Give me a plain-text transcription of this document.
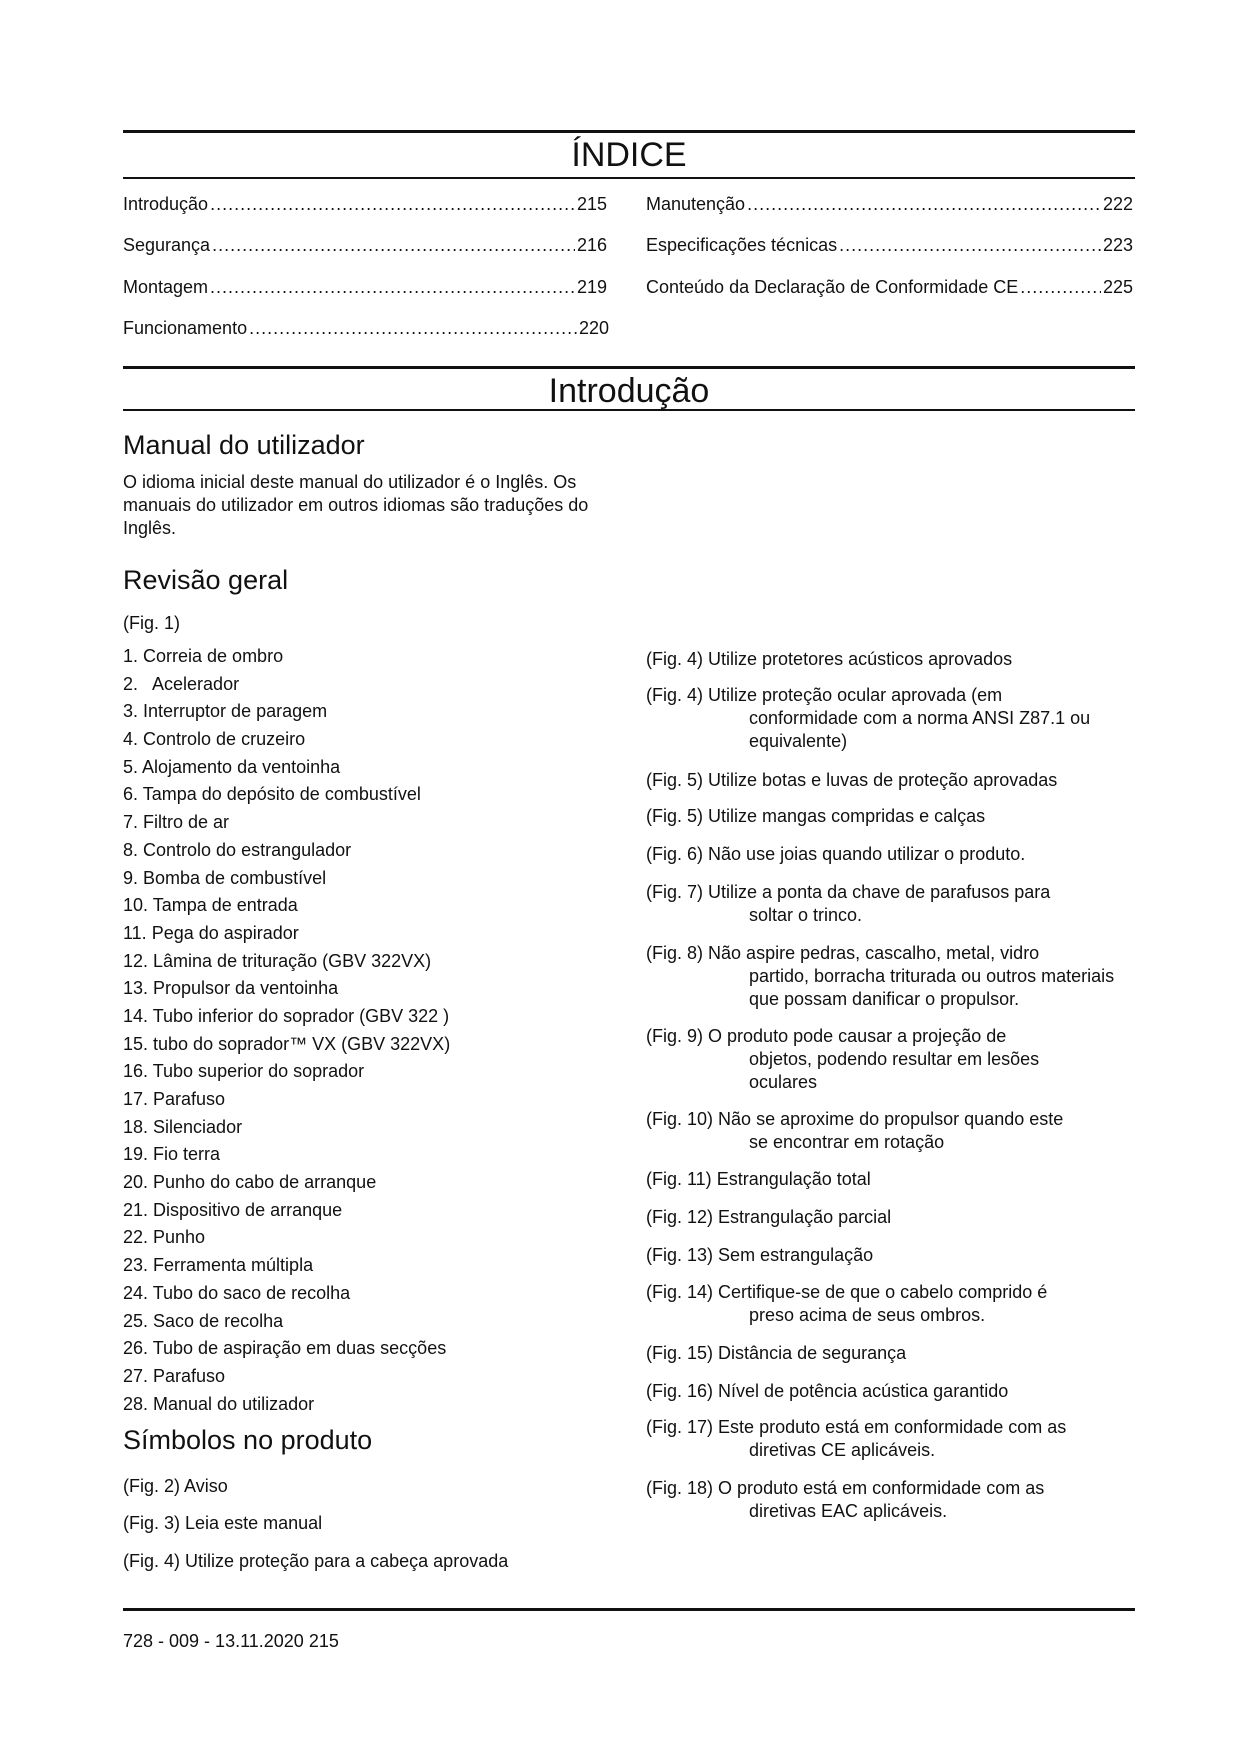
ÍNDICE
Introdução .....	215
Segurança .....	216
Montagem .....	219
Funcionamento .....	220
Manutenção .....	222
Especificações técnicas .....	223
Conteúdo da Declaração de Conformidade CE .....	225
Introdução
Manual do utilizador

O idioma inicial deste manual do utilizador é o Inglês. Os manuais do utilizador em outros idiomas são traduções do Inglês.

Revisão geral
(Fig. 1)
1. Correia de ombro
2.   Acelerador
3. Interruptor de paragem
4. Controlo de cruzeiro
5. Alojamento da ventoinha
6. Tampa do depósito de combustível
7. Filtro de ar
8. Controlo do estrangulador
9. Bomba de combustível
10. Tampa de entrada
11. Pega do aspirador
12. Lâmina de trituração (GBV 322VX)
13. Propulsor da ventoinha
14. Tubo inferior do soprador (GBV 322 )
15. tubo do soprador™ VX (GBV 322VX)
16. Tubo superior do soprador
17. Parafuso
18. Silenciador
19. Fio terra
20. Punho do cabo de arranque
21. Dispositivo de arranque
22. Punho
23. Ferramenta múltipla
24. Tubo do saco de recolha
25. Saco de recolha
26. Tubo de aspiração em duas secções
27. Parafuso
28. Manual do utilizador
Símbolos no produto
(Fig. 2) Aviso
(Fig. 3) Leia este manual
(Fig. 4) Utilize proteção para a cabeça aprovada
(Fig. 4) Utilize protetores acústicos aprovados
(Fig. 4) Utilize proteção ocular aprovada (em
conformidade com a norma ANSI Z87.1 ou equivalente)
(Fig. 5) Utilize botas e luvas de proteção aprovadas
(Fig. 5) Utilize mangas compridas e calças
(Fig. 6) Não use joias quando utilizar o produto.
(Fig. 7) Utilize a ponta da chave de parafusos para
soltar o trinco.
(Fig. 8) Não aspire pedras, cascalho, metal, vidro
partido, borracha triturada ou outros materiais que possam danificar o propulsor.
(Fig. 9) O produto pode causar a projeção de
objetos, podendo resultar em lesões oculares
(Fig. 10) Não se aproxime do propulsor quando este
se encontrar em rotação
(Fig. 11) Estrangulação total
(Fig. 12) Estrangulação parcial
(Fig. 13) Sem estrangulação
(Fig. 14) Certifique-se de que o cabelo comprido é
preso acima de seus ombros.
(Fig. 15) Distância de segurança
(Fig. 16) Nível de potência acústica garantido
(Fig. 17) Este produto está em conformidade com as
diretivas CE aplicáveis.
(Fig. 18) O produto está em conformidade com as
diretivas EAC aplicáveis.
728 - 009 - 13.11.2020 215
